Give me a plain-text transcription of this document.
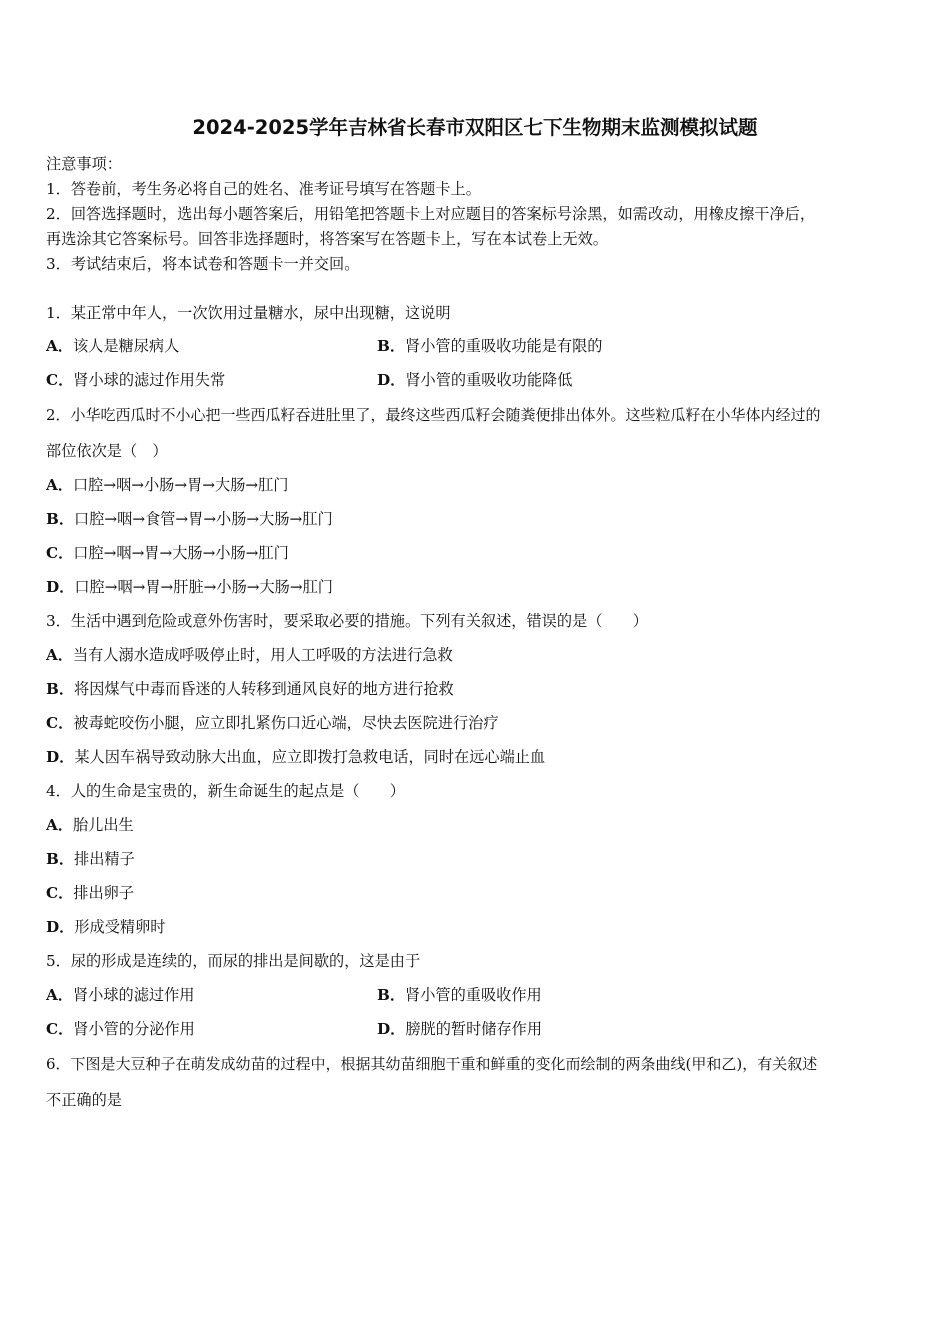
2024-2025学年吉林省长春市双阳区七下生物期末监测模拟试题
注意事项：
1．答卷前，考生务必将自己的姓名、准考证号填写在答题卡上。
2．回答选择题时，选出每小题答案后，用铅笔把答题卡上对应题目的答案标号涂黑，如需改动，用橡皮擦干净后，
再选涂其它答案标号。回答非选择题时，将答案写在答题卡上，写在本试卷上无效。
3．考试结束后，将本试卷和答题卡一并交回。
1．某正常中年人，一次饮用过量糖水，尿中出现糖，这说明
A．该人是糖尿病人	B．肾小管的重吸收功能是有限的
C．肾小球的滤过作用失常	D．肾小管的重吸收功能降低
2．小华吃西瓜时不小心把一些西瓜籽吞进肚里了，最终这些西瓜籽会随粪便排出体外。这些粒瓜籽在小华体内经过的
部位依次是（　）
A．口腔→咽→小肠→胃→大肠→肛门
B．口腔→咽→食管→胃→小肠→大肠→肛门
C．口腔→咽→胃→大肠→小肠→肛门
D．口腔→咽→胃→肝脏→小肠→大肠→肛门
3．生活中遇到危险或意外伤害时，要采取必要的措施。下列有关叙述，错误的是（　　）
A．当有人溺水造成呼吸停止时，用人工呼吸的方法进行急救
B．将因煤气中毒而昏迷的人转移到通风良好的地方进行抢救
C．被毒蛇咬伤小腿，应立即扎紧伤口近心端，尽快去医院进行治疗
D．某人因车祸导致动脉大出血，应立即拨打急救电话，同时在远心端止血
4．人的生命是宝贵的，新生命诞生的起点是（　　）
A．胎儿出生
B．排出精子
C．排出卵子
D．形成受精卵时
5．尿的形成是连续的，而尿的排出是间歇的，这是由于
A．肾小球的滤过作用	B．肾小管的重吸收作用
C．肾小管的分泌作用	D．膀胱的暂时储存作用
6．下图是大豆种子在萌发成幼苗的过程中，根据其幼苗细胞干重和鲜重的变化而绘制的两条曲线(甲和乙)，有关叙述
不正确的是
